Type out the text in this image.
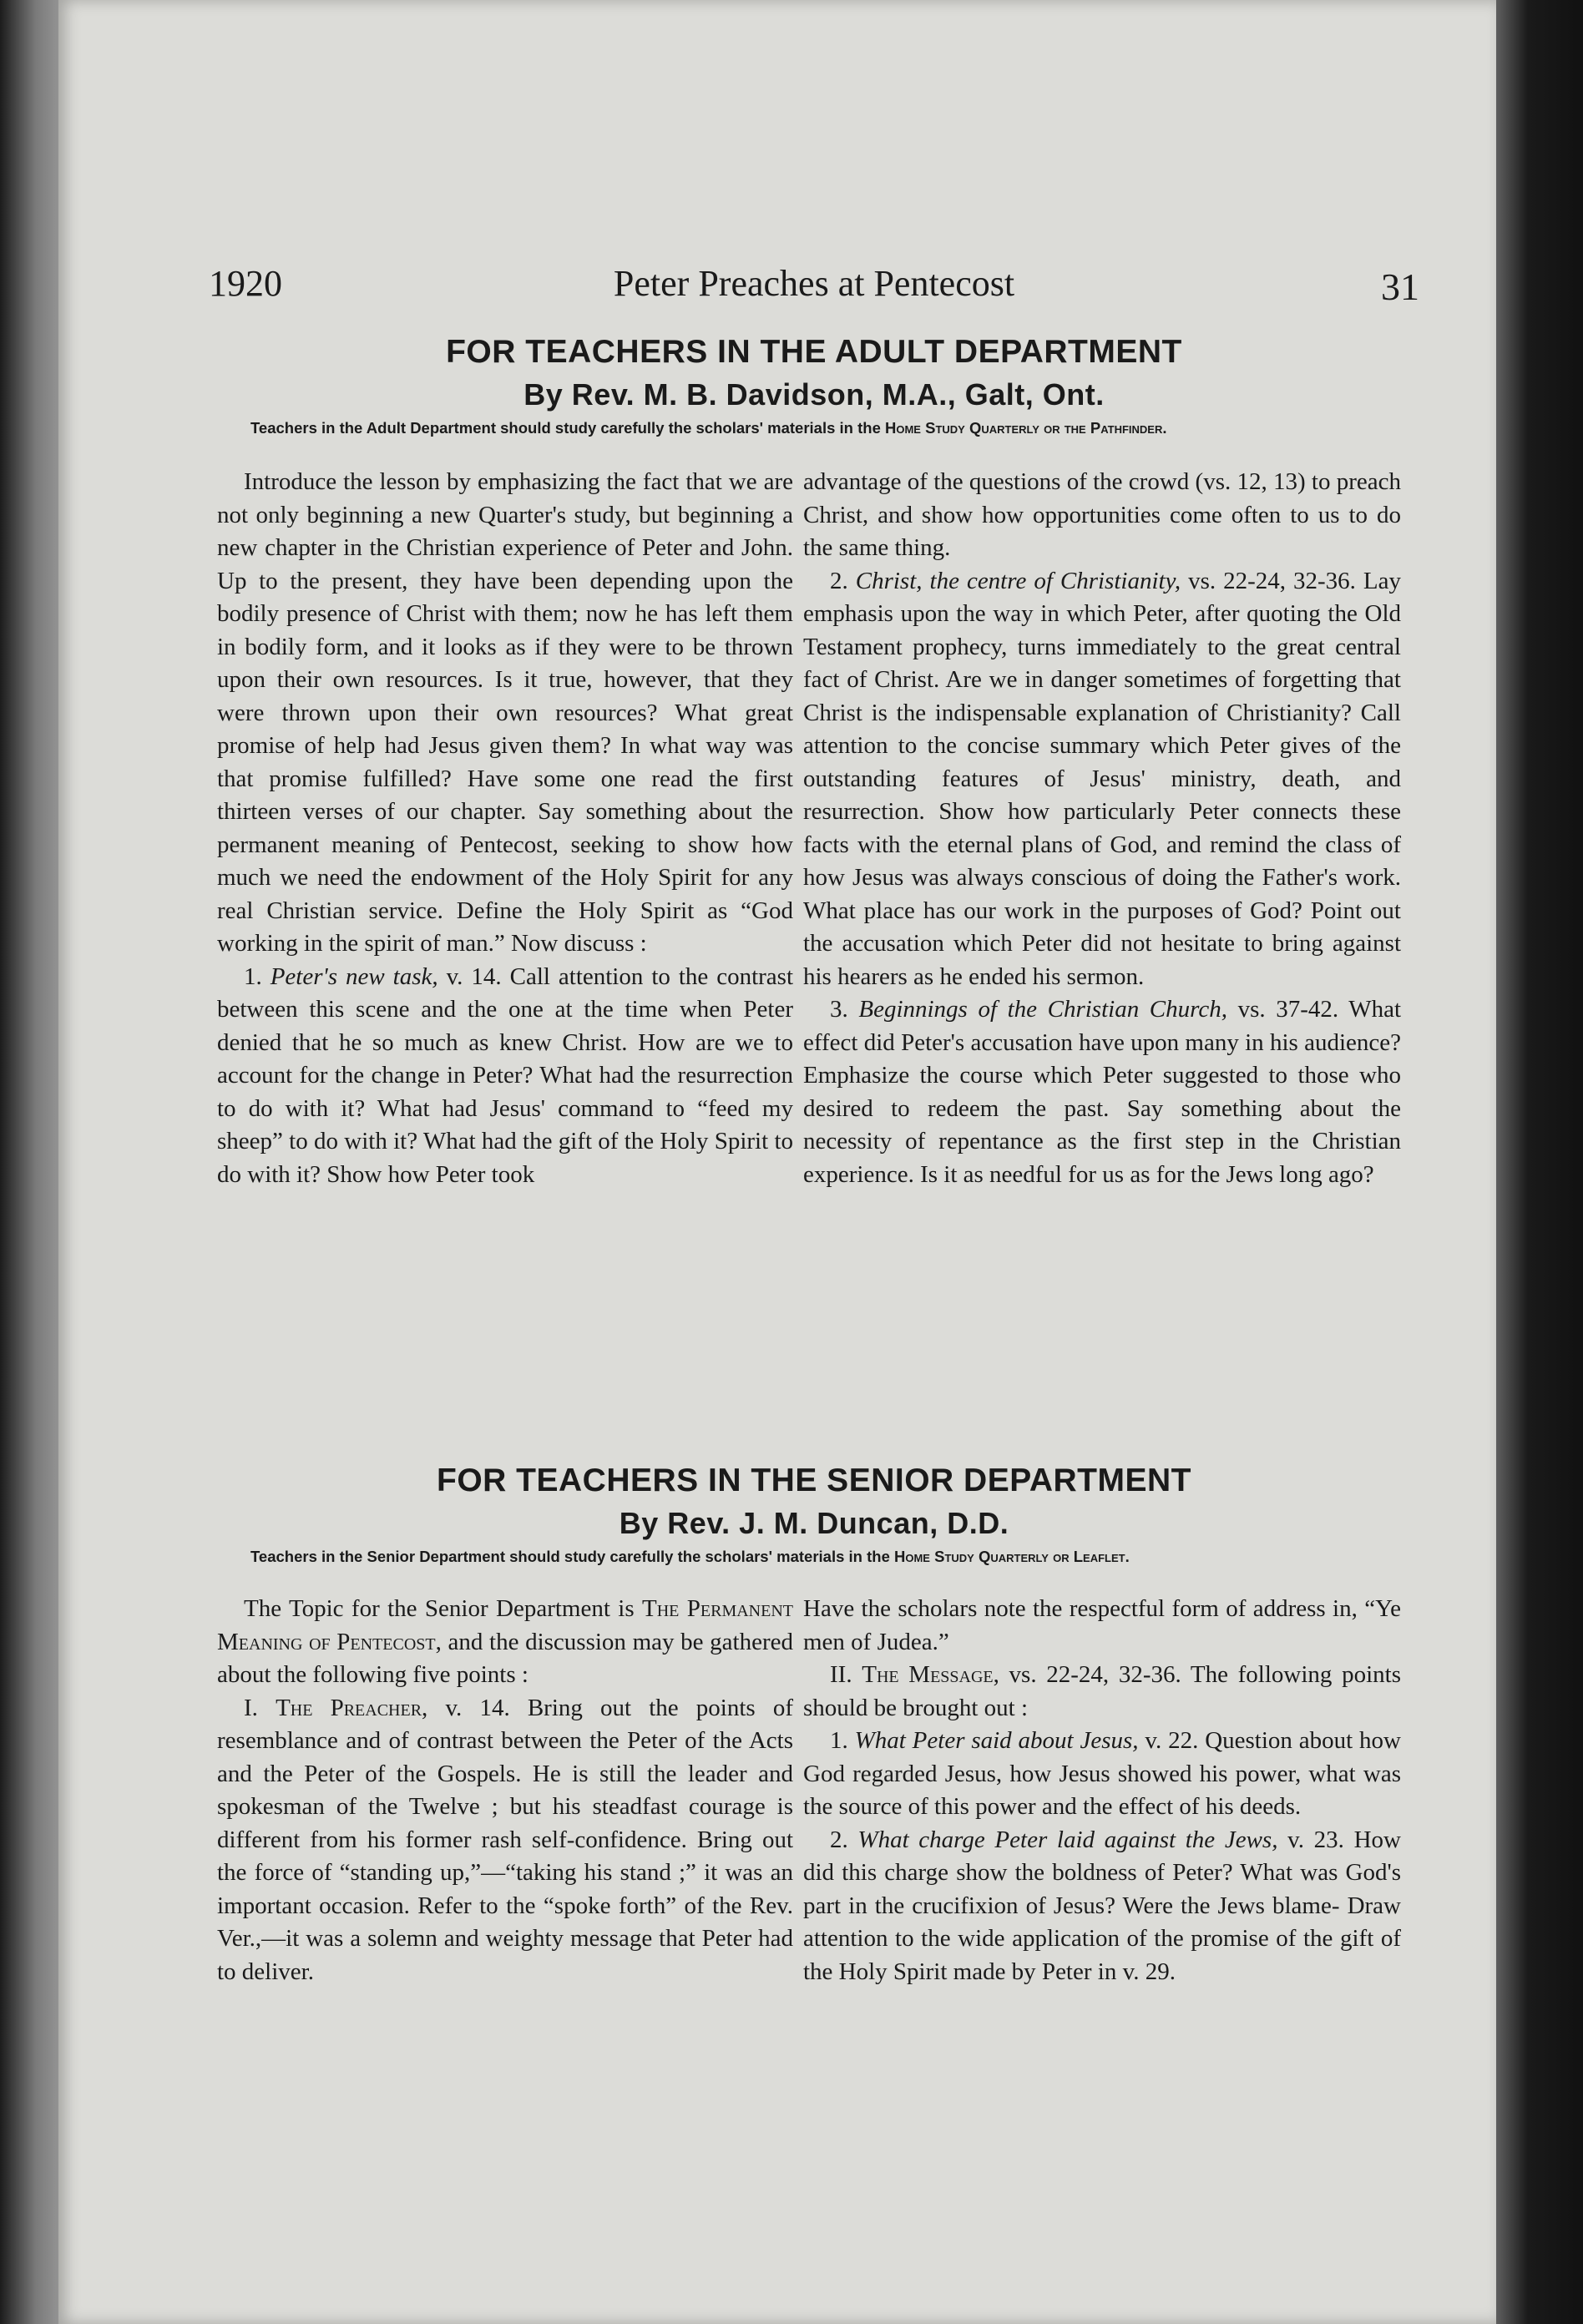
1920	Peter Preaches at Pentecost	31
FOR TEACHERS IN THE ADULT DEPARTMENT
By Rev. M. B. Davidson, M.A., Galt, Ont.
Teachers in the Adult Department should study carefully the scholars' materials in the Home Study Quarterly or the Pathfinder.

Introduce the lesson by emphasizing the fact that we are not only beginning a new Quarter's study, but beginning a new chapter in the Christian experience of Peter and John. Up to the present, they have been depending upon the bodily presence of Christ with them; now he has left them in bodily form, and it looks as if they were to be thrown upon their own resources. Is it true, however, that they were thrown upon their own resources? What great promise of help had Jesus given them? In what way was that promise fulfilled? Have some one read the first thirteen verses of our chapter. Say something about the permanent meaning of Pentecost, seeking to show how much we need the endowment of the Holy Spirit for any real Christian service. Define the Holy Spirit as “God working in the spirit of man.” Now discuss :

1. Peter's new task, v. 14. Call attention to the contrast between this scene and the one at the time when Peter denied that he so much as knew Christ. How are we to account for the change in Peter? What had the resurrection to do with it? What had Jesus' command to “feed my sheep” to do with it? What had the gift of the Holy Spirit to do with it? Show how Peter took

advantage of the questions of the crowd (vs. 12, 13) to preach Christ, and show how opportunities come often to us to do the same thing.

2. Christ, the centre of Christianity, vs. 22-24, 32-36. Lay emphasis upon the way in which Peter, after quoting the Old Testament prophecy, turns immediately to the great central fact of Christ. Are we in danger sometimes of forgetting that Christ is the indispensable explanation of Christianity? Call attention to the concise summary which Peter gives of the outstanding features of Jesus' ministry, death, and resurrection. Show how particularly Peter connects these facts with the eternal plans of God, and remind the class of how Jesus was always conscious of doing the Father's work. What place has our work in the purposes of God? Point out the accusation which Peter did not hesitate to bring against his hearers as he ended his sermon.

3. Beginnings of the Christian Church, vs. 37-42. What effect did Peter's accusation have upon many in his audience? Emphasize the course which Peter suggested to those who desired to redeem the past. Say something about the necessity of repentance as the first step in the Christian experience. Is it as needful for us as for the Jews long ago?

FOR TEACHERS IN THE SENIOR DEPARTMENT
By Rev. J. M. Duncan, D.D.
Teachers in the Senior Department should study carefully the scholars' materials in the Home Study Quarterly or Leaflet.

The Topic for the Senior Department is The Permanent Meaning of Pentecost, and the discussion may be gathered about the following five points :

I. The Preacher, v. 14. Bring out the points of resemblance and of contrast between the Peter of the Acts and the Peter of the Gospels. He is still the leader and spokesman of the Twelve ; but his steadfast courage is different from his former rash self-confidence. Bring out the force of “standing up,”—“taking his stand ;” it was an important occasion. Refer to the “spoke forth” of the Rev. Ver.,—it was a solemn and weighty message that Peter had to deliver.

Have the scholars note the respectful form of address in, “Ye men of Judea.”

II. The Message, vs. 22-24, 32-36. The following points should be brought out :

1. What Peter said about Jesus, v. 22. Question about how God regarded Jesus, how Jesus showed his power, what was the source of this power and the effect of his deeds.

2. What charge Peter laid against the Jews, v. 23. How did this charge show the boldness of Peter? What was God's part in the crucifixion of Jesus? Were the Jews blame- Draw attention to the wide application of the promise of the gift of the Holy Spirit made by Peter in v. 29.
